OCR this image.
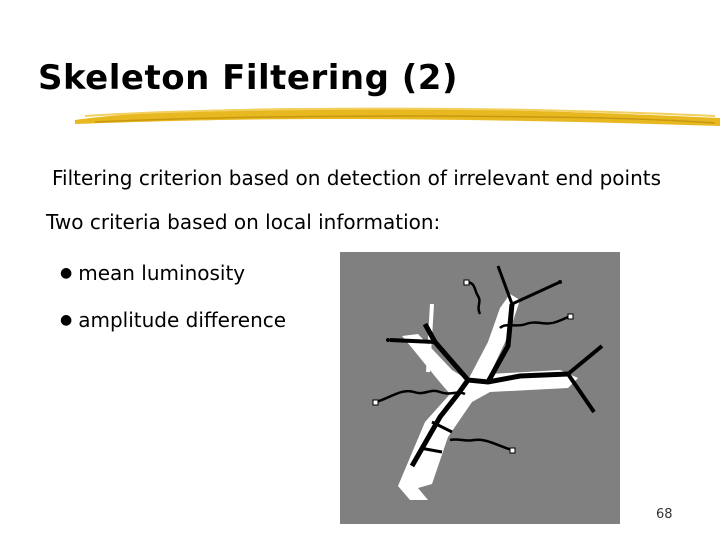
Skeleton Filtering (2)
Filtering criterion based on detection of irrelevant end points
Two criteria based on local information:
● mean luminosity
● amplitude difference
68
